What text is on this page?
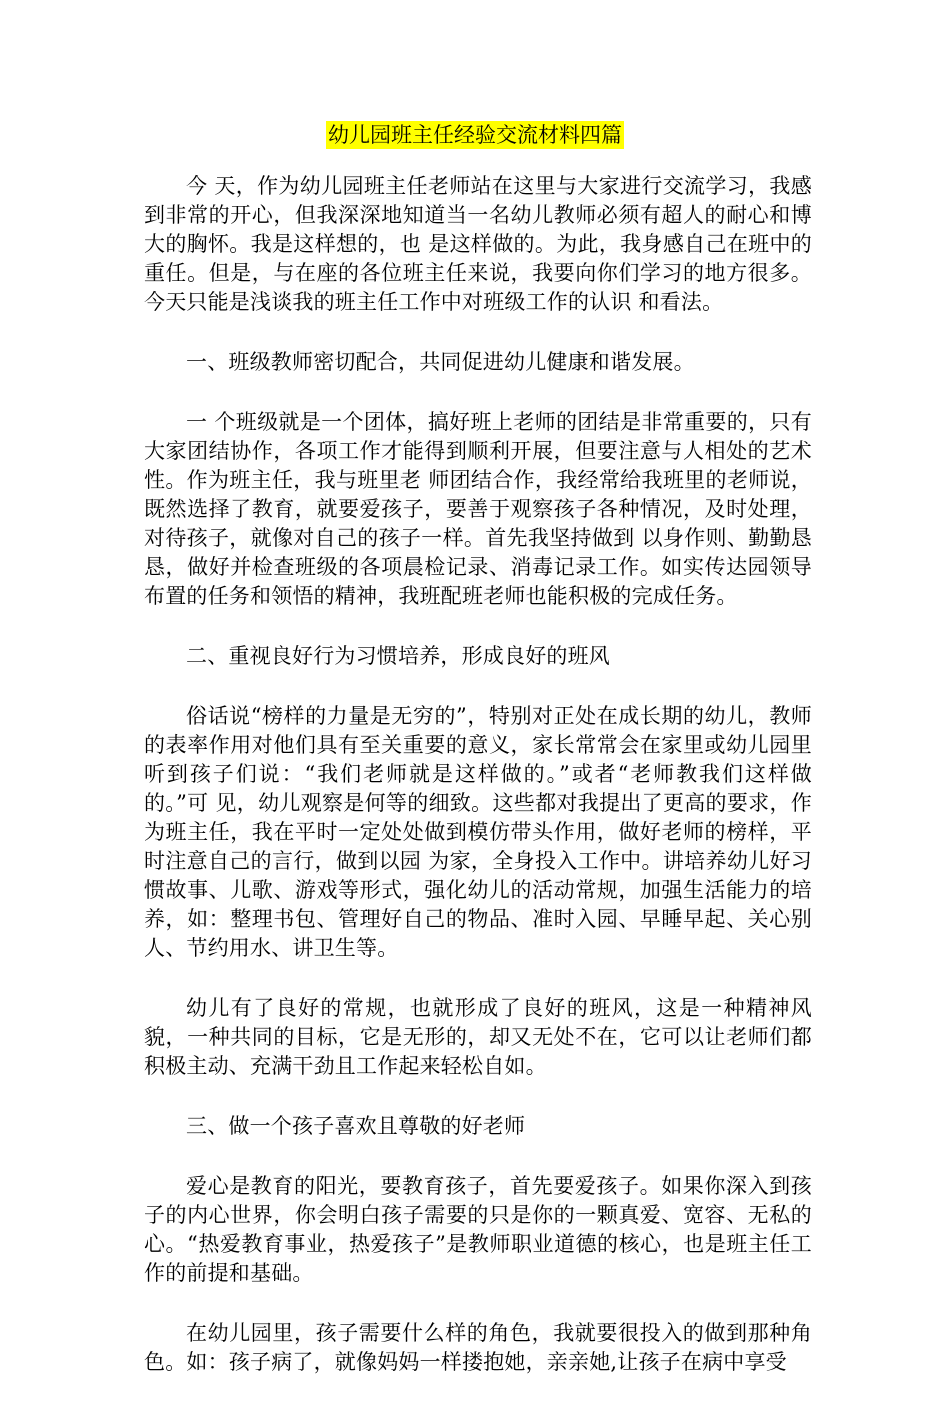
幼儿园班主任经验交流材料四篇

今 天，作为幼儿园班主任老师站在这里与大家进行交流学习，我感到非常的开心，但我深深地知道当一名幼儿教师必须有超人的耐心和博大的胸怀。我是这样想的，也 是这样做的。为此，我身感自己在班中的重任。但是，与在座的各位班主任来说，我要向你们学习的地方很多。今天只能是浅谈我的班主任工作中对班级工作的认识 和看法。

一、班级教师密切配合，共同促进幼儿健康和谐发展。

一 个班级就是一个团体，搞好班上老师的团结是非常重要的，只有大家团结协作，各项工作才能得到顺利开展，但要注意与人相处的艺术性。作为班主任，我与班里老 师团结合作，我经常给我班里的老师说，既然选择了教育，就要爱孩子，要善于观察孩子各种情况，及时处理，对待孩子，就像对自己的孩子一样。首先我坚持做到 以身作则、勤勤恳恳，做好并检查班级的各项晨检记录、消毒记录工作。如实传达园领导布置的任务和领悟的精神，我班配班老师也能积极的完成任务。

二、重视良好行为习惯培养，形成良好的班风

俗话说“榜样的力量是无穷的”，特别对正处在成长期的幼儿，教师的表率作用对他们具有至关重要的意义，家长常常会在家里或幼儿园里听到孩子们说：“我们老师就是这样做的。”或者“老师教我们这样做的。”可 见，幼儿观察是何等的细致。这些都对我提出了更高的要求，作为班主任，我在平时一定处处做到模仿带头作用，做好老师的榜样，平时注意自己的言行，做到以园 为家，全身投入工作中。讲培养幼儿好习惯故事、儿歌、游戏等形式，强化幼儿的活动常规，加强生活能力的培养，如：整理书包、管理好自己的物品、准时入园、早睡早起、关心别人、节约用水、讲卫生等。

幼儿有了良好的常规，也就形成了良好的班风，这是一种精神风貌，一种共同的目标，它是无形的，却又无处不在，它可以让老师们都积极主动、充满干劲且工作起来轻松自如。

三、做一个孩子喜欢且尊敬的好老师

爱心是教育的阳光，要教育孩子，首先要爱孩子。如果你深入到孩子的内心世界，你会明白孩子需要的只是你的一颗真爱、宽容、无私的心。“热爱教育事业，热爱孩子”是教师职业道德的核心，也是班主任工作的前提和基础。

在幼儿园里，孩子需要什么样的角色，我就要很投入的做到那种角色。如：孩子病了，就像妈妈一样搂抱她，亲亲她,让孩子在病中享受
